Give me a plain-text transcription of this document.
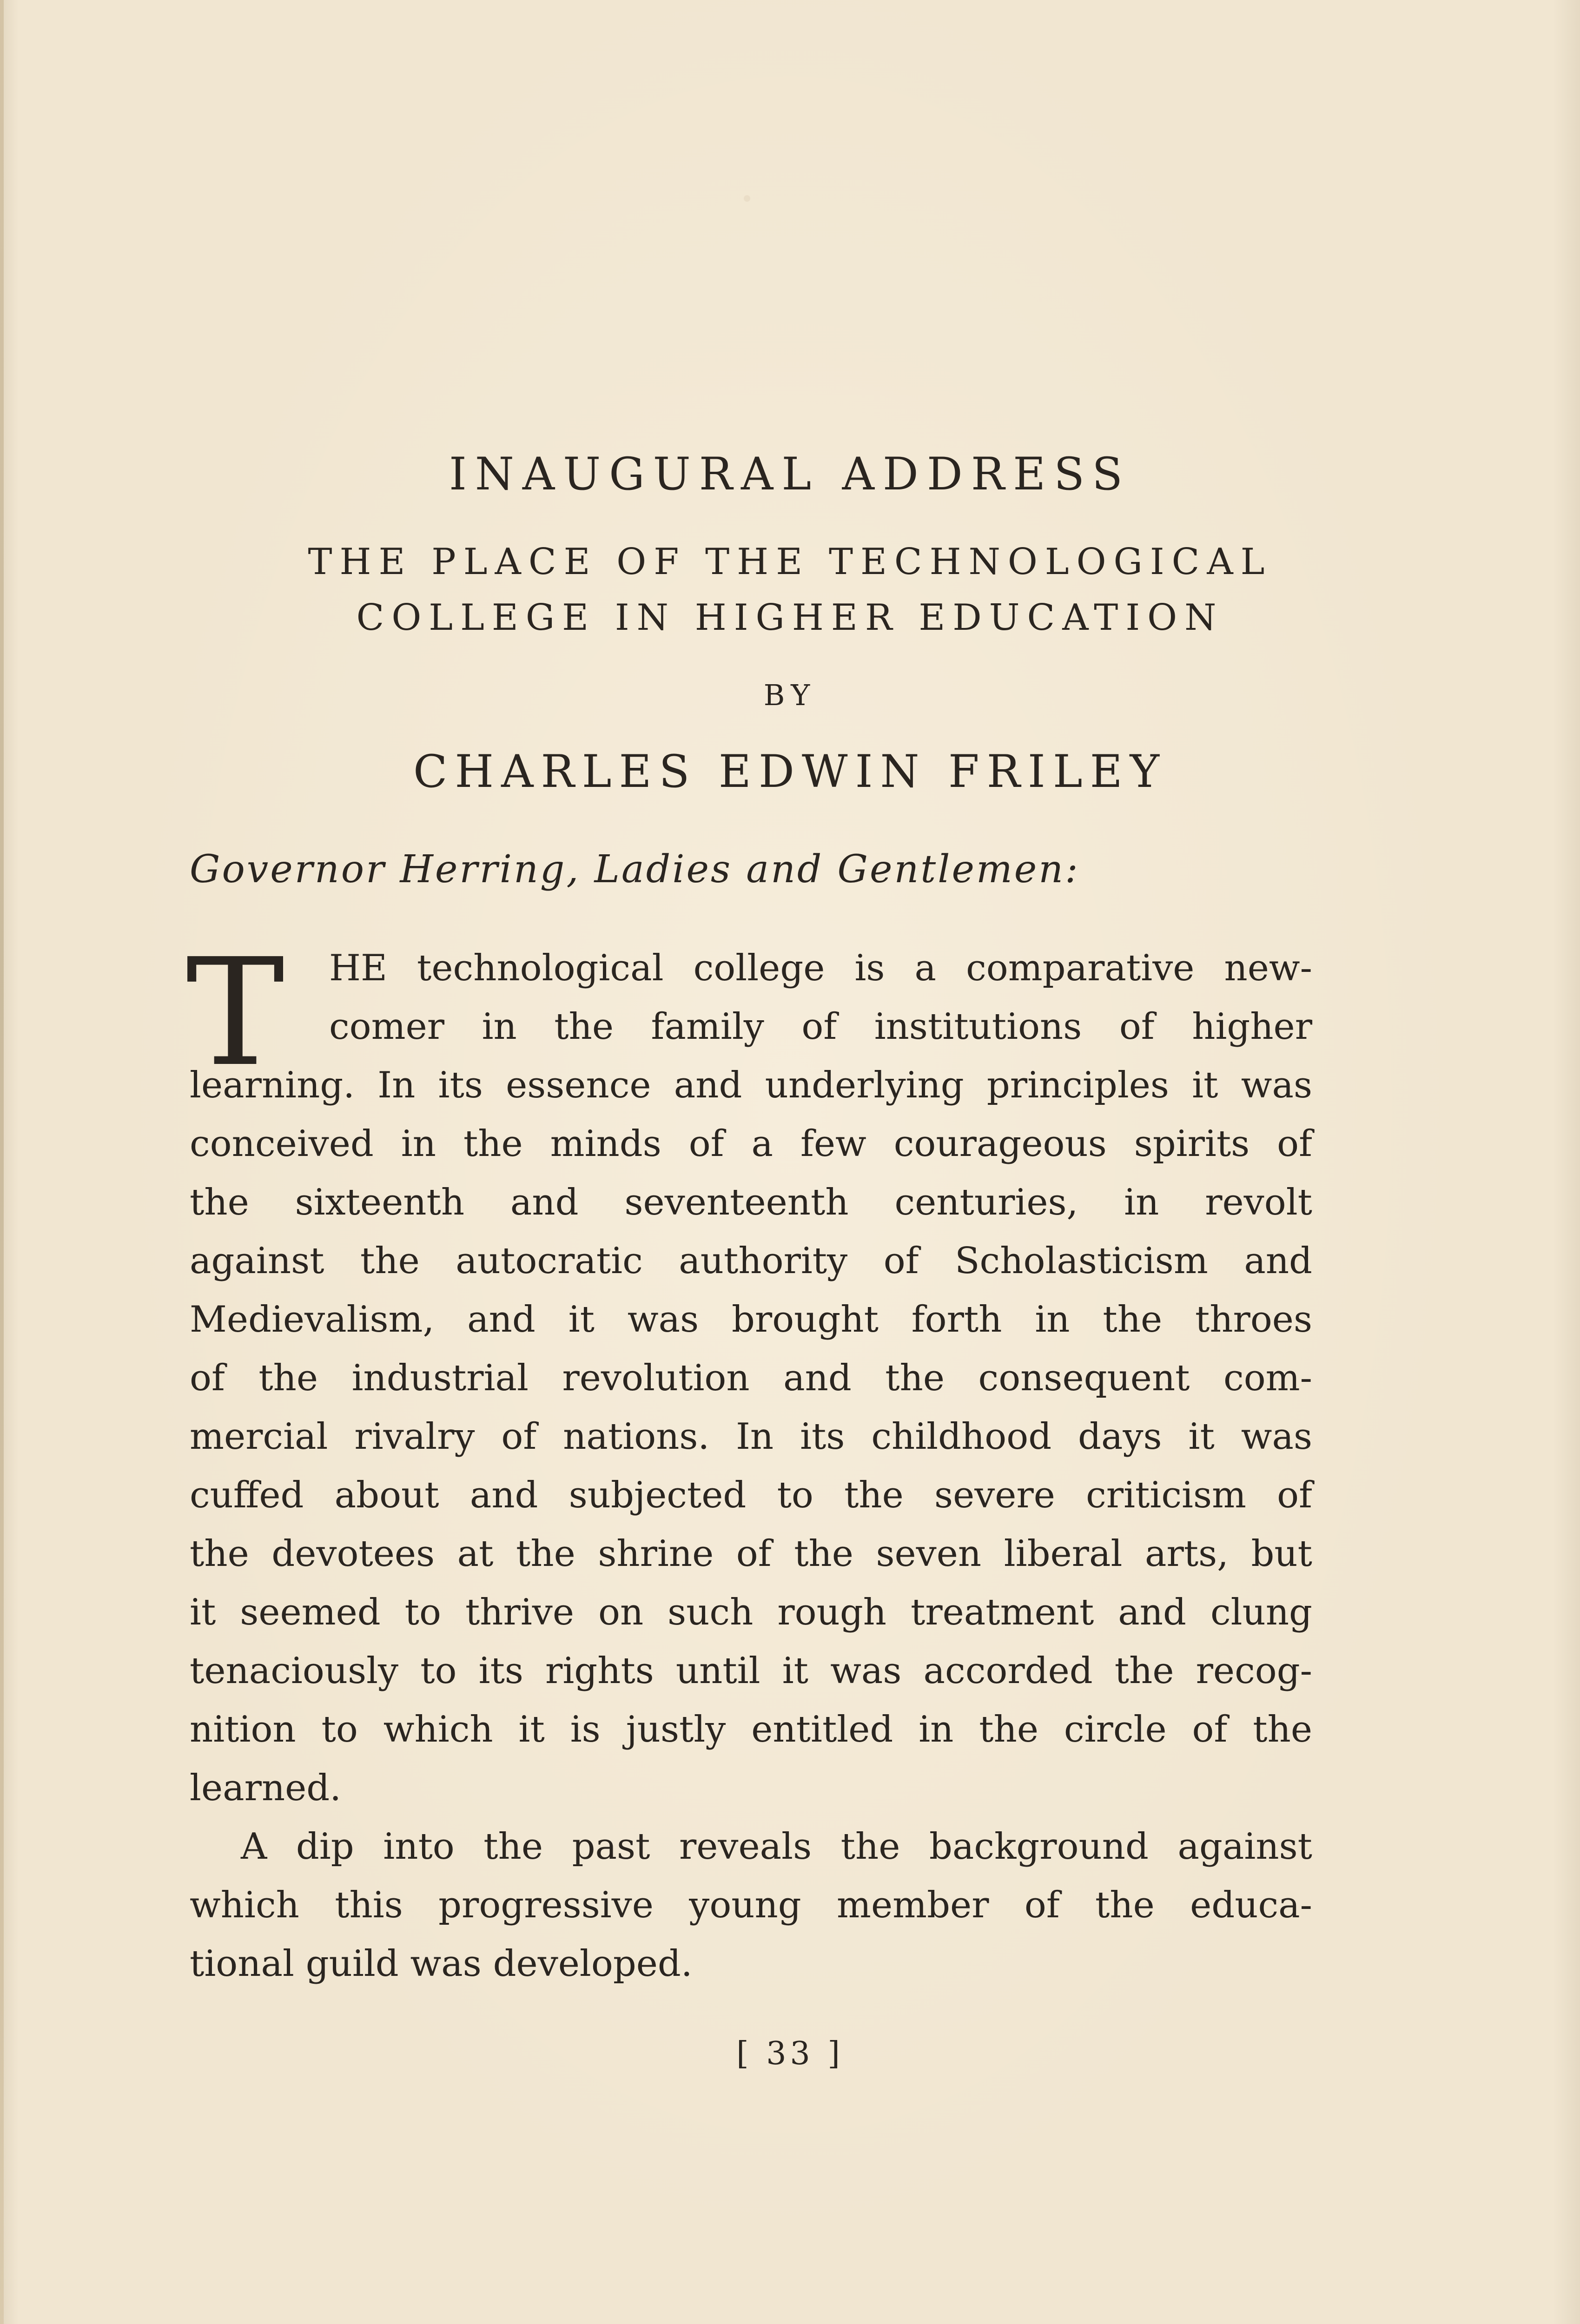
INAUGURAL ADDRESS
THE PLACE OF THE TECHNOLOGICAL
COLLEGE IN HIGHER EDUCATION
BY
CHARLES EDWIN FRILEY
Governor Herring, Ladies and Gentlemen:
T	HE technological college is a comparative new-
comer in the family of institutions of higher
learning. In its essence and underlying principles it was
conceived in the minds of a few courageous spirits of
the sixteenth and seventeenth centuries, in revolt
against the autocratic authority of Scholasticism and
Medievalism, and it was brought forth in the throes
of the industrial revolution and the consequent com-
mercial rivalry of nations. In its childhood days it was
cuffed about and subjected to the severe criticism of
the devotees at the shrine of the seven liberal arts, but
it seemed to thrive on such rough treatment and clung
tenaciously to its rights until it was accorded the recog-
nition to which it is justly entitled in the circle of the
learned.
A dip into the past reveals the background against
which this progressive young member of the educa-
tional guild was developed.
[ 33 ]
